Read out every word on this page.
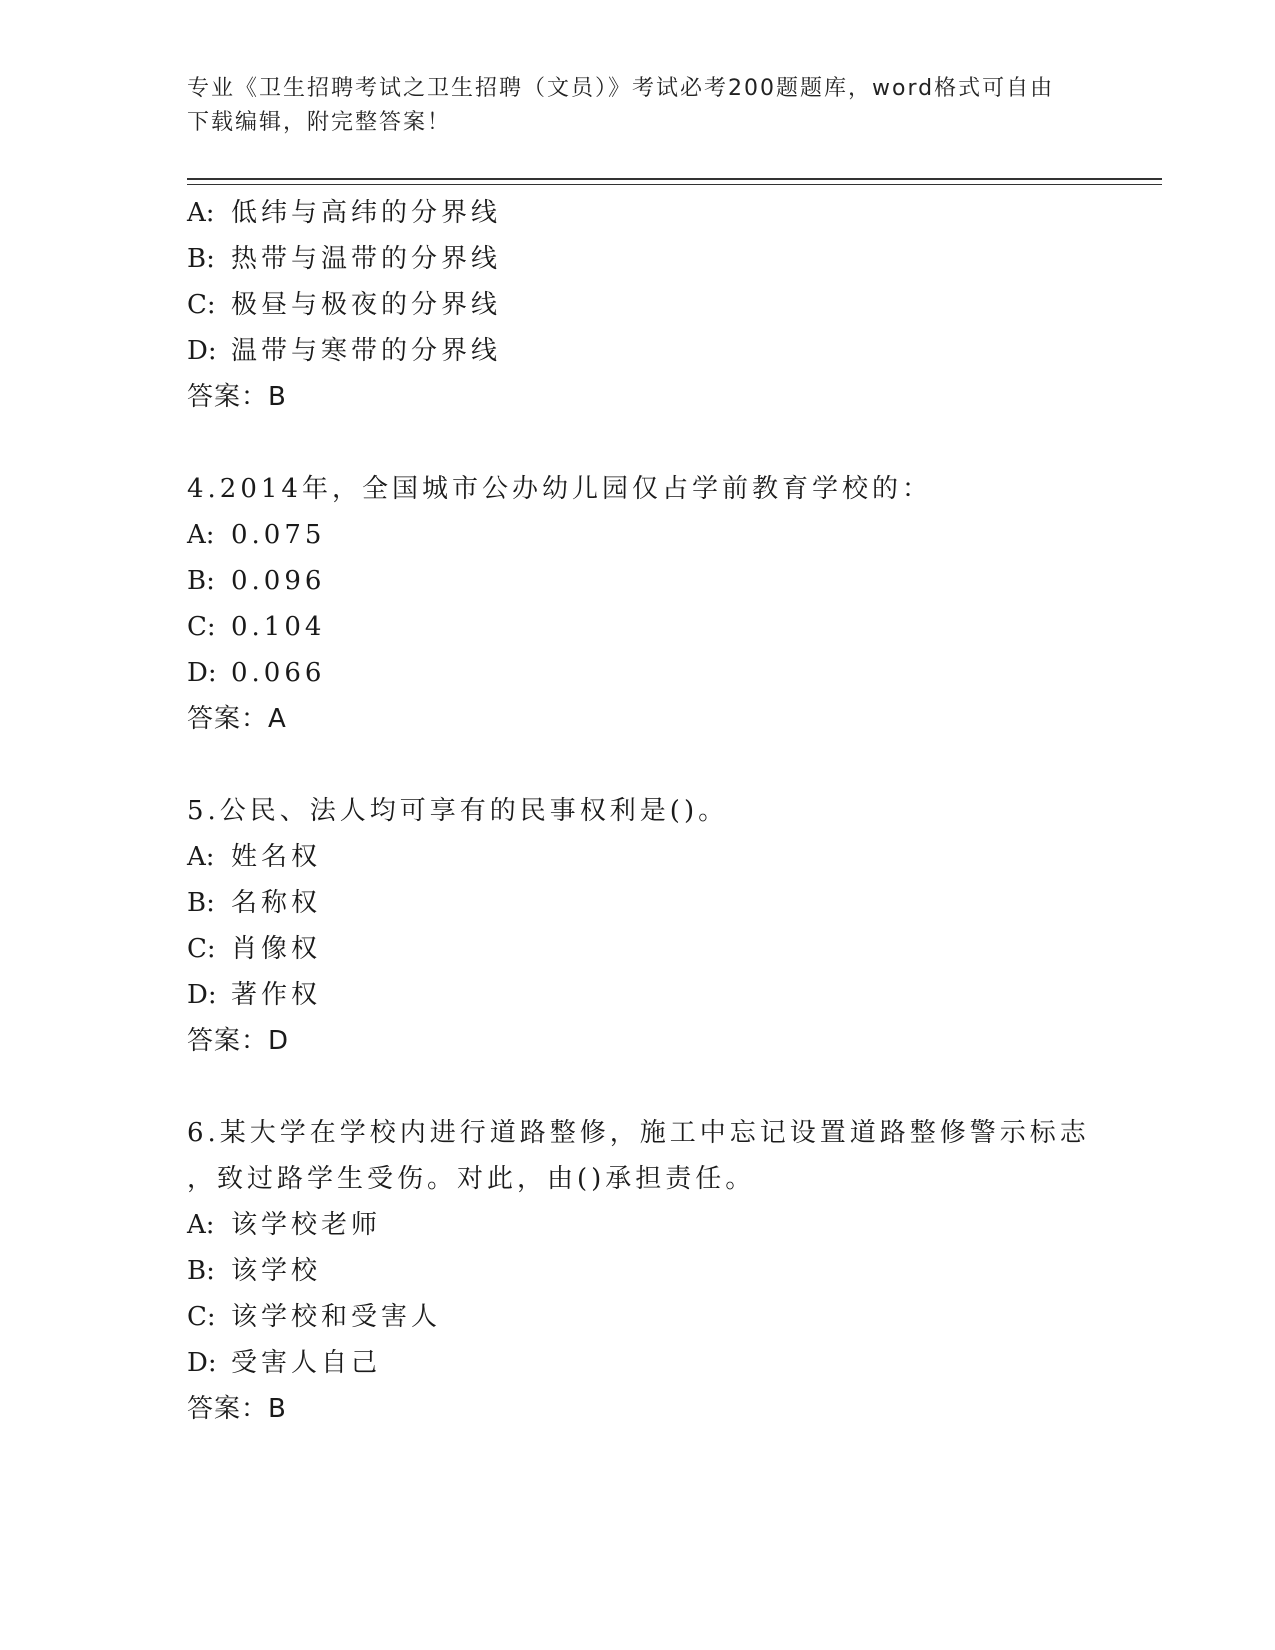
专业《卫生招聘考试之卫生招聘（文员）》考试必考200题题库，word格式可自由下载编辑，附完整答案！
A: 低纬与高纬的分界线
B: 热带与温带的分界线
C: 极昼与极夜的分界线
D: 温带与寒带的分界线
答案：B
4.2014年，全国城市公办幼儿园仅占学前教育学校的：
A: 0.075
B: 0.096
C: 0.104
D: 0.066
答案：A
5.公民、法人均可享有的民事权利是()。
A: 姓名权
B: 名称权
C: 肖像权
D: 著作权
答案：D
6.某大学在学校内进行道路整修，施工中忘记设置道路整修警示标志
，致过路学生受伤。对此，由()承担责任。
A: 该学校老师
B: 该学校
C: 该学校和受害人
D: 受害人自己
答案：B
